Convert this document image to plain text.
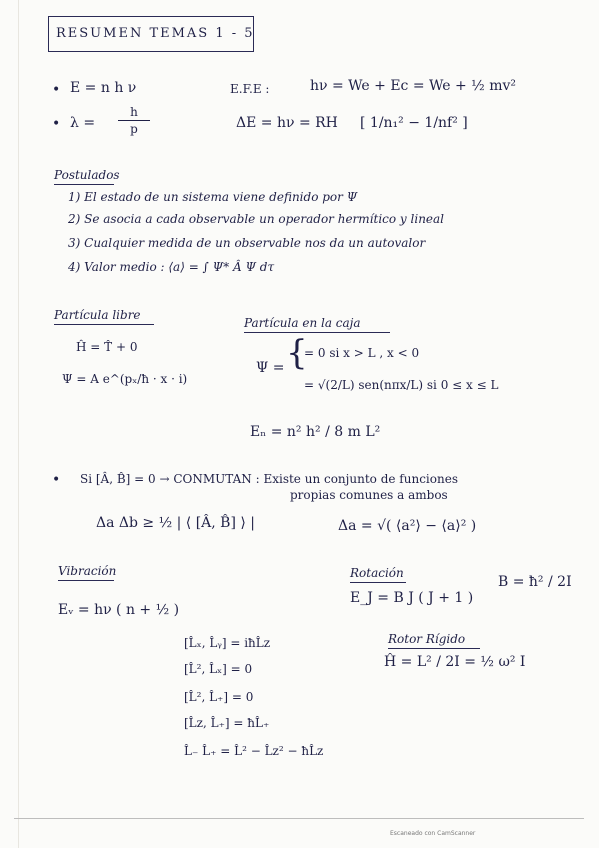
RESUMEN TEMAS 1 - 5
• E = n h ν	E.F.E :	hν = We + Ec = We + ½ mv²
• λ =
h
p	ΔE = hν = RH [ 1/n₁² − 1/nf² ]
Postulados
1) El estado de un sistema viene definido por Ψ
2) Se asocia a cada observable un operador hermítico y lineal
3) Cualquier medida de un observable nos da un autovalor
4) Valor medio : ⟨a⟩ = ∫ Ψ* Â Ψ dτ
Partícula libre
Ĥ = T̂ + 0
Ψ = A e^(pₓ/ħ · x · i)
Partícula en la caja
Ψ = {
= 0 si x > L , x < 0
= √(2/L) sen(nπx/L) si 0 ≤ x ≤ L
Eₙ = n² h² / 8 m L²
• Si [Â, B̂] = 0 → CONMUTAN : Existe un conjunto de funciones
propias comunes a ambos
Δa Δb ≥ ½ | ⟨ [Â, B̂] ⟩ |	Δa = √( ⟨a²⟩ − ⟨a⟩² )
Vibración
Eᵥ = hν ( n + ½ )
Rotación
E_J = B J ( J + 1 )
B = ħ² / 2I
[L̂ₓ, L̂ᵧ] = iħL̂z
[L̂², L̂ₓ] = 0
[L̂², L̂₊] = 0
[L̂z, L̂₊] = ħL̂₊
L̂₋ L̂₊ = L̂² − L̂z² − ħL̂z
Rotor Rígido
Ĥ = L² / 2I = ½ ω² I
Escaneado con CamScanner
